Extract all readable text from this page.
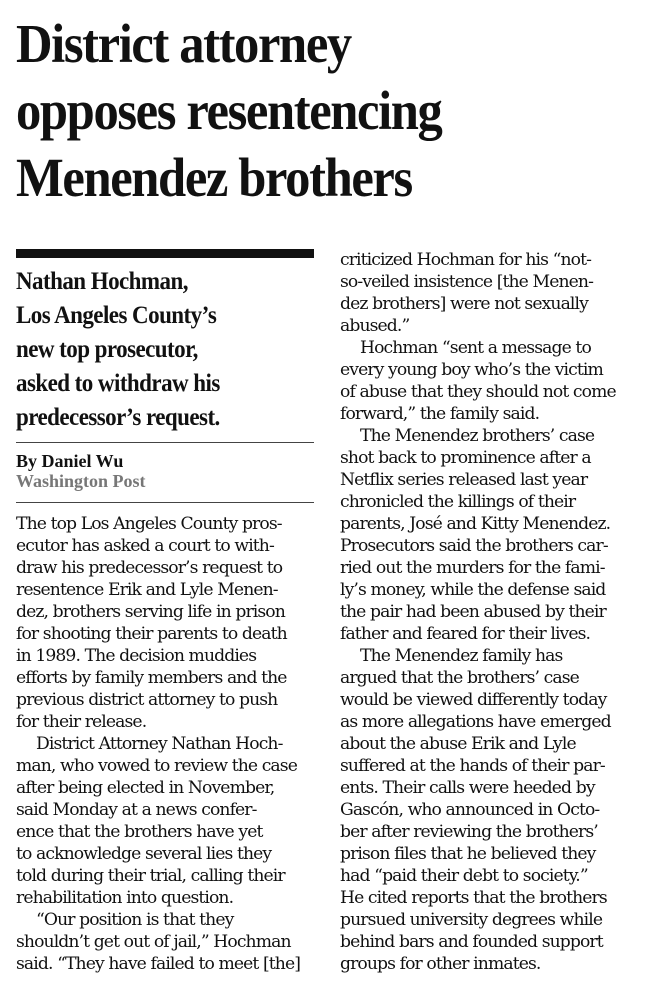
District attorney
opposes resentencing
Menendez brothers
Nathan Hochman,
Los Angeles County’s
new top prosecutor,
asked to withdraw his
predecessor’s request.
By Daniel Wu
Washington Post
The top Los Angeles County pros-
ecutor has asked a court to with-
draw his predecessor’s request to
resentence Erik and Lyle Menen-
dez, brothers serving life in prison
for shooting their parents to death
in 1989. The decision muddies
efforts by family members and the
previous district attorney to push
for their release.
District Attorney Nathan Hoch-
man, who vowed to review the case
after being elected in November,
said Monday at a news confer-
ence that the brothers have yet
to acknowledge several lies they
told during their trial, calling their
rehabilitation into question.
“Our position is that they
shouldn’t get out of jail,” Hochman
said. “They have failed to meet [the]
criticized Hochman for his “not-
so-veiled insistence [the Menen-
dez brothers] were not sexually
abused.”
Hochman “sent a message to
every young boy who’s the victim
of abuse that they should not come
forward,” the family said.
The Menendez brothers’ case
shot back to prominence after a
Netflix series released last year
chronicled the killings of their
parents, José and Kitty Menendez.
Prosecutors said the brothers car-
ried out the murders for the fami-
ly’s money, while the defense said
the pair had been abused by their
father and feared for their lives.
The Menendez family has
argued that the brothers’ case
would be viewed differently today
as more allegations have emerged
about the abuse Erik and Lyle
suffered at the hands of their par-
ents. Their calls were heeded by
Gascón, who announced in Octo-
ber after reviewing the brothers’
prison files that he believed they
had “paid their debt to society.”
He cited reports that the brothers
pursued university degrees while
behind bars and founded support
groups for other inmates.
